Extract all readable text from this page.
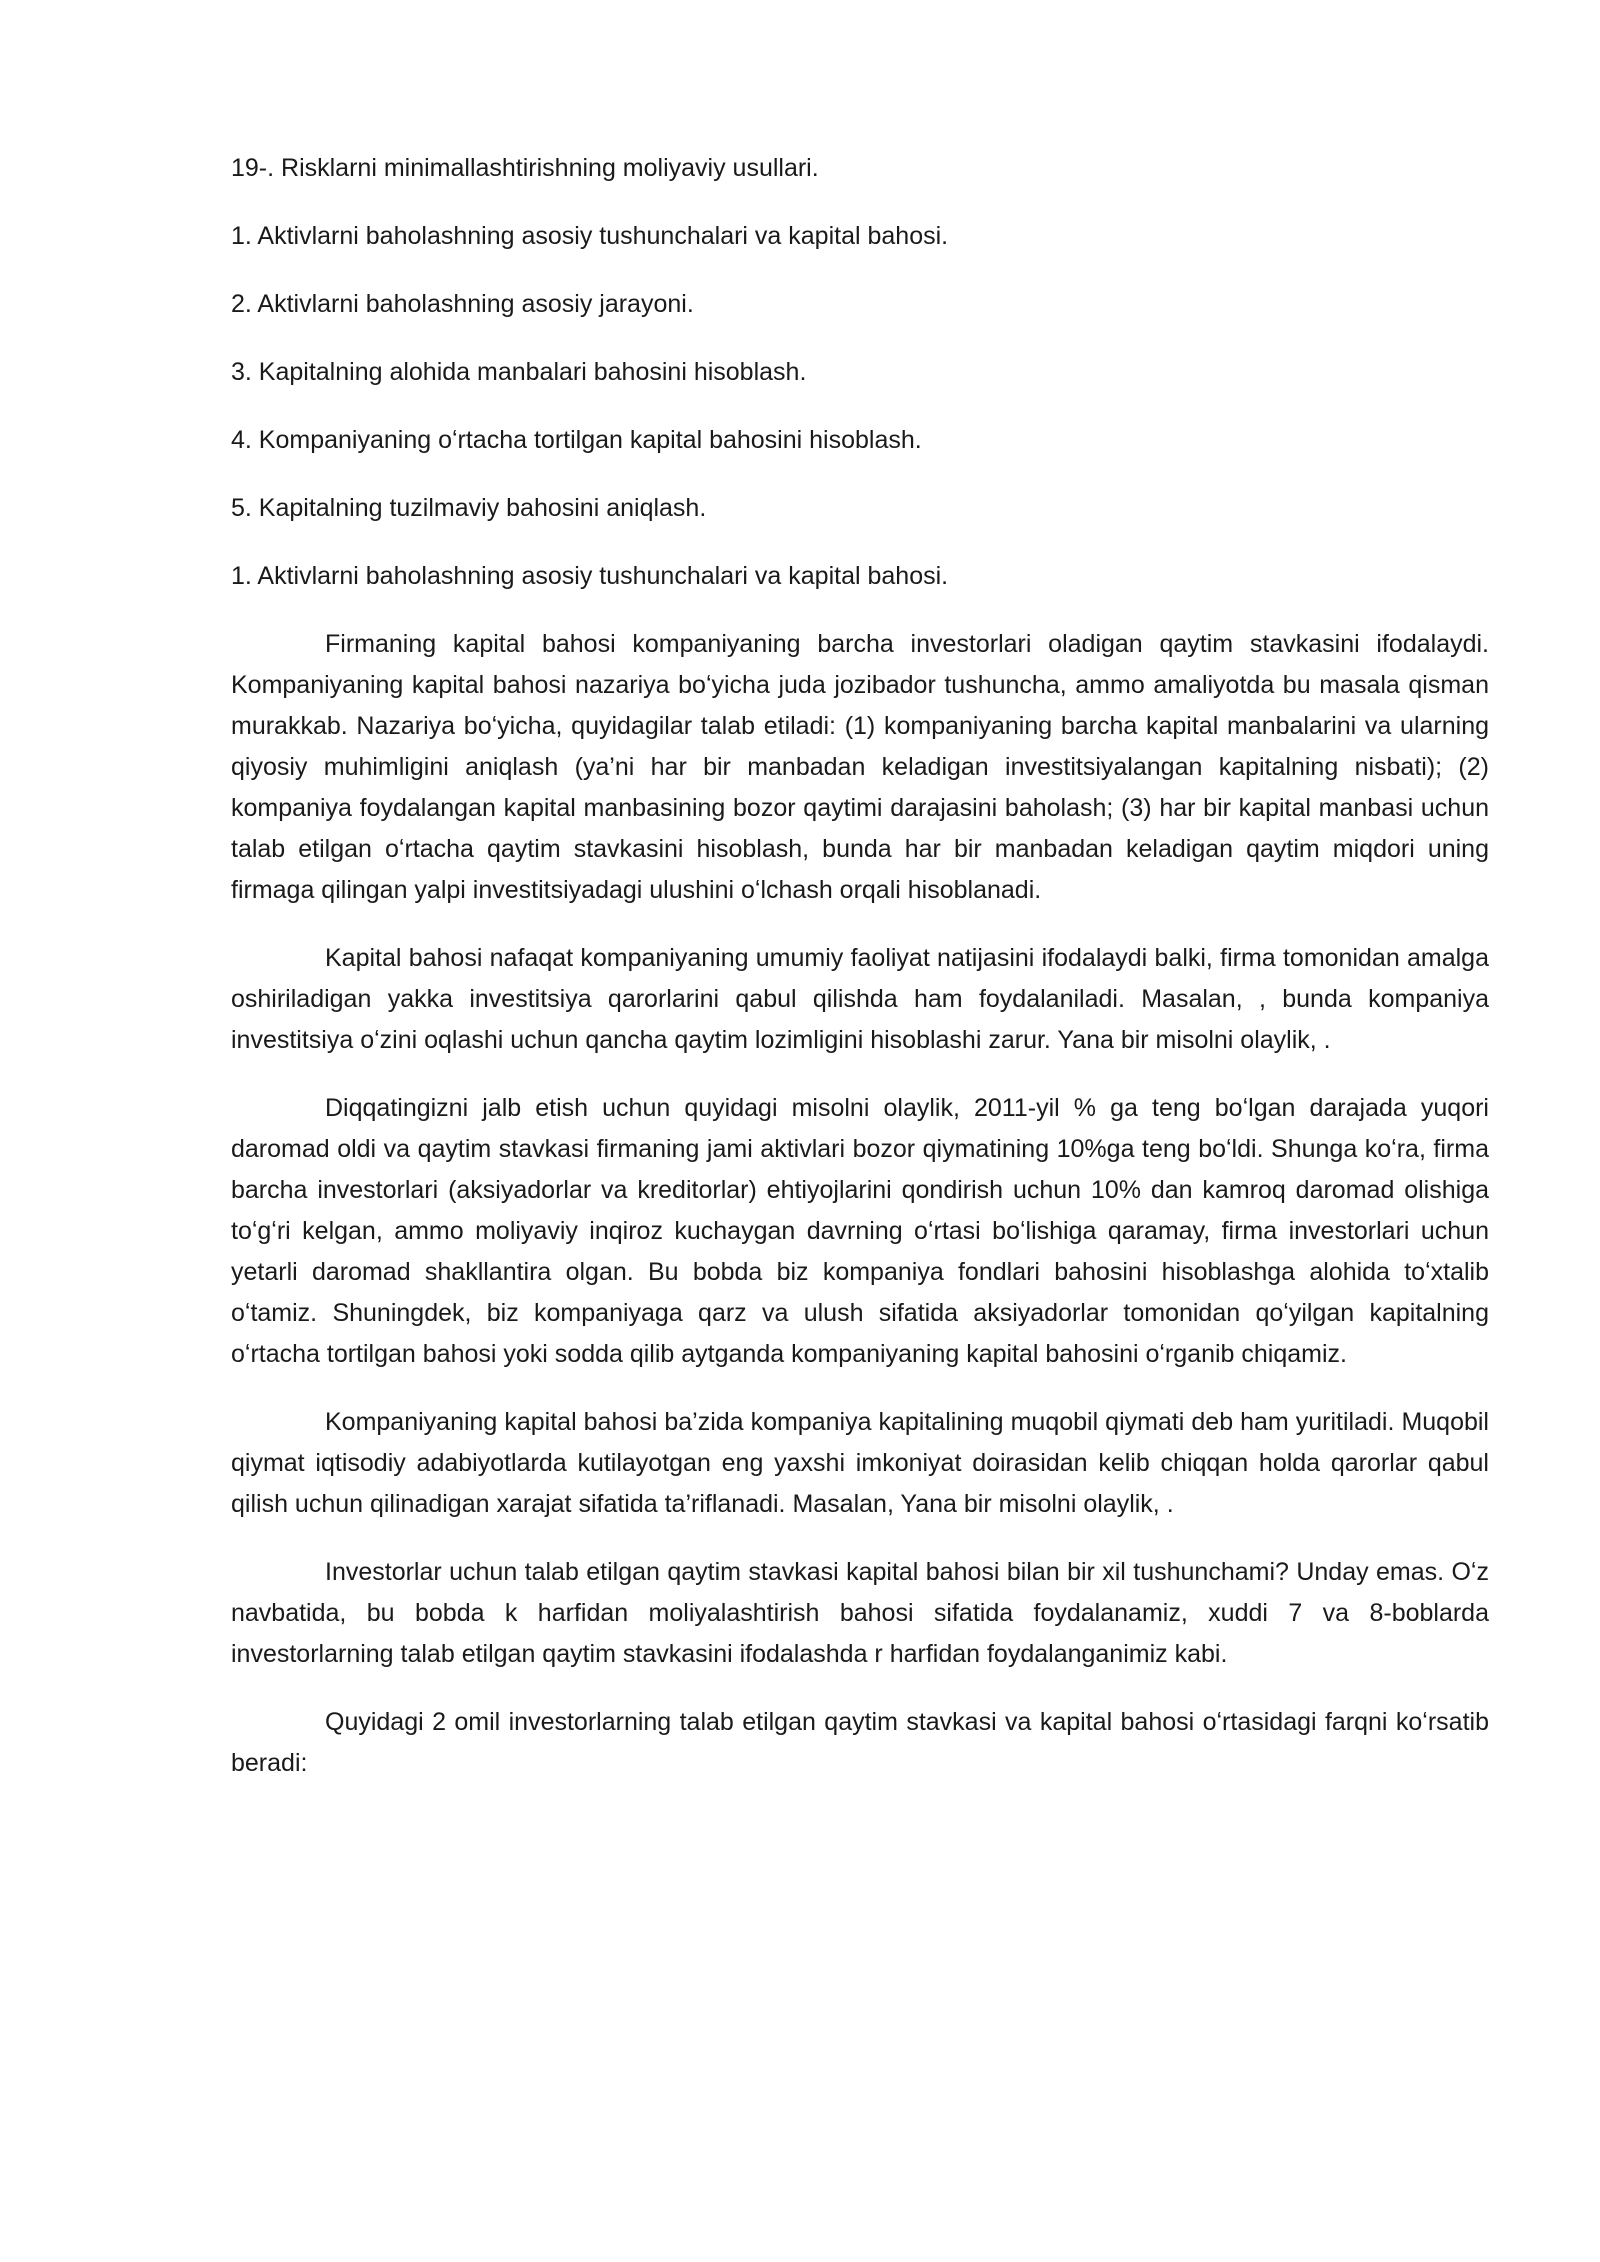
19-. Risklarni minimallashtirishning moliyaviy usullari.

1. Aktivlarni baholashning asosiy tushunchalari va kapital bahosi.

2. Aktivlarni baholashning asosiy jarayoni.

3. Kapitalning alohida manbalari bahosini hisoblash.

4. Kompaniyaning oʻrtacha tortilgan kapital bahosini hisoblash.

5. Kapitalning tuzilmaviy bahosini aniqlash.

1. Aktivlarni baholashning asosiy tushunchalari va kapital bahosi.

Firmaning kapital bahosi kompaniyaning barcha investorlari oladigan qaytim stavkasini ifodalaydi. Kompaniyaning kapital bahosi nazariya boʻyicha juda jozibador tushuncha, ammo amaliyotda bu masala qisman murakkab. Nazariya boʻyicha, quyidagilar talab etiladi: (1) kompaniyaning barcha kapital manbalarini va ularning qiyosiy muhimligini aniqlash (ya’ni har bir manbadan keladigan investitsiyalangan kapitalning nisbati); (2) kompaniya foydalangan kapital manbasining bozor qaytimi darajasini baholash; (3) har bir kapital manbasi uchun talab etilgan oʻrtacha qaytim stavkasini hisoblash, bunda har bir manbadan keladigan qaytim miqdori uning firmaga qilingan yalpi investitsiyadagi ulushini oʻlchash orqali hisoblanadi.

Kapital bahosi nafaqat kompaniyaning umumiy faoliyat natijasini ifodalaydi balki, firma tomonidan amalga oshiriladigan yakka investitsiya qarorlarini qabul qilishda ham foydalaniladi. Masalan, , bunda kompaniya investitsiya oʻzini oqlashi uchun qancha qaytim lozimligini hisoblashi zarur. Yana bir misolni olaylik, .

Diqqatingizni jalb etish uchun quyidagi misolni olaylik, 2011-yil % ga teng boʻlgan darajada yuqori daromad oldi va qaytim stavkasi firmaning jami aktivlari bozor qiymatining 10%ga teng boʻldi. Shunga koʻra, firma barcha investorlari (aksiyadorlar va kreditorlar) ehtiyojlarini qondirish uchun 10% dan kamroq daromad olishiga toʻgʻri kelgan, ammo moliyaviy inqiroz kuchaygan davrning oʻrtasi boʻlishiga qaramay, firma investorlari uchun yetarli daromad shakllantira olgan. Bu bobda biz kompaniya fondlari bahosini hisoblashga alohida toʻxtalib oʻtamiz. Shuningdek, biz kompaniyaga qarz va ulush sifatida aksiyadorlar tomonidan qoʻyilgan kapitalning oʻrtacha tortilgan bahosi yoki sodda qilib aytganda kompaniyaning kapital bahosini oʻrganib chiqamiz.

Kompaniyaning kapital bahosi ba’zida kompaniya kapitalining muqobil qiymati deb ham yuritiladi. Muqobil qiymat iqtisodiy adabiyotlarda kutilayotgan eng yaxshi imkoniyat doirasidan kelib chiqqan holda qarorlar qabul qilish uchun qilinadigan xarajat sifatida ta’riflanadi. Masalan, Yana bir misolni olaylik, .

Investorlar uchun talab etilgan qaytim stavkasi kapital bahosi bilan bir xil tushunchami? Unday emas. Oʻz navbatida, bu bobda k harfidan moliyalashtirish bahosi sifatida foydalanamiz, xuddi 7 va 8-boblarda investorlarning talab etilgan qaytim stavkasini ifodalashda r harfidan foydalanganimiz kabi.

Quyidagi 2 omil investorlarning talab etilgan qaytim stavkasi va kapital bahosi oʻrtasidagi farqni koʻrsatib beradi:
